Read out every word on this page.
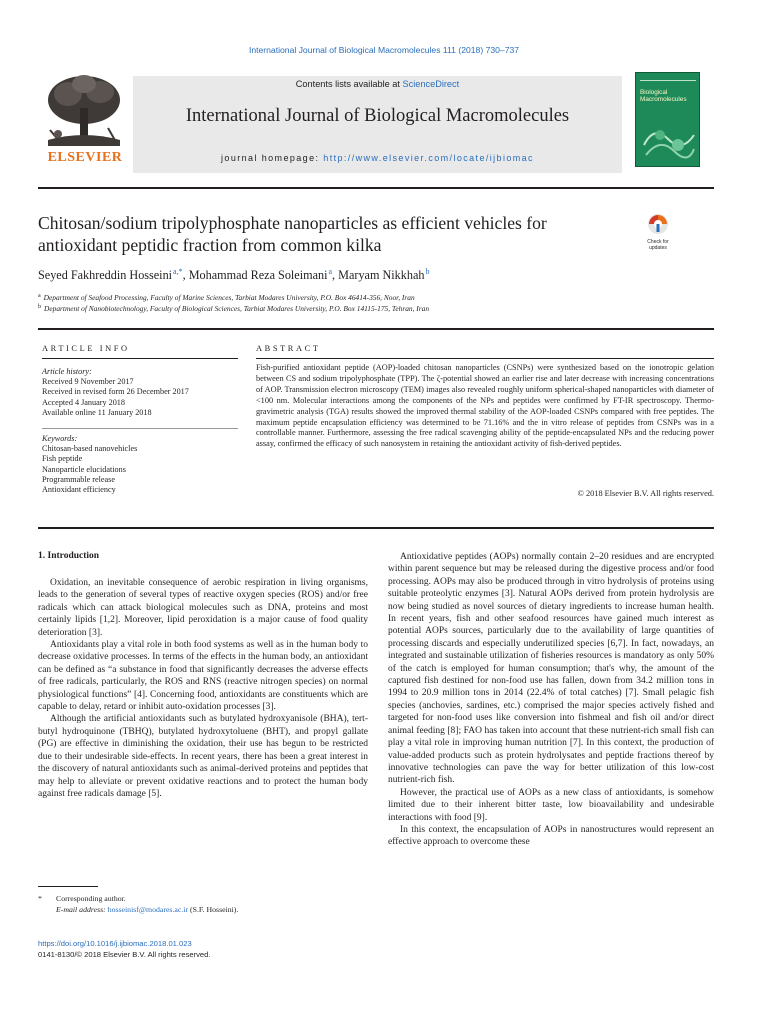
International Journal of Biological Macromolecules 111 (2018) 730–737
ELSEVIER
Contents lists available at ScienceDirect
International Journal of Biological Macromolecules
journal homepage: http://www.elsevier.com/locate/ijbiomac
Biological Macromolecules
Chitosan/sodium tripolyphosphate nanoparticles as efficient vehicles for antioxidant peptidic fraction from common kilka	Check for updates
Seyed Fakhreddin Hosseini$^{a,*}$, Mohammad Reza Soleimani$^a$, Maryam Nikkhah$^b$
$^a$ Department of Seafood Processing, Faculty of Marine Sciences, Tarbiat Modares University, P.O. Box 46414-356, Noor, Iran
$^b$ Department of Nanobiotechnology, Faculty of Biological Sciences, Tarbiat Modares University, P.O. Box 14115-175, Tehran, Iran
ARTICLE INFO
Article history:
Received 9 November 2017
Received in revised form 26 December 2017
Accepted 4 January 2018
Available online 11 January 2018
Keywords:
Chitosan-based nanovehicles
Fish peptide
Nanoparticle elucidations
Programmable release
Antioxidant efficiency
ABSTRACT
Fish-purified antioxidant peptide (AOP)-loaded chitosan nanoparticles (CSNPs) were synthesized based on the ionotropic gelation between CS and sodium tripolyphosphate (TPP). The ζ-potential showed an earlier rise and later decrease with increasing concentrations of AOP. Transmission electron microscopy (TEM) images also revealed roughly uniform spherical-shaped nanoparticles with diameter of <100 nm. Molecular interactions among the components of the NPs and peptides were confirmed by FT-IR spectroscopy. Thermo-gravimetric analysis (TGA) results showed the improved thermal stability of the AOP-loaded CSNPs compared with free peptides. The maximum peptide encapsulation efficiency was determined to be 71.16% and the in vitro release of peptides from CSNPs was in a controllable manner. Furthermore, assessing the free radical scavenging ability of the peptide-encapsulated NPs and the reducing power assay, confirmed the efficacy of such nanosystem in retaining the antioxidant activity of fish-derived peptides.
© 2018 Elsevier B.V. All rights reserved.
1. Introduction

Oxidation, an inevitable consequence of aerobic respiration in living organisms, leads to the generation of several types of reactive oxygen species (ROS) and/or free radicals which can attack biological molecules such as DNA, proteins and most certainly lipids [1,2]. Moreover, lipid peroxidation is a major cause of food quality deterioration [3].

Antioxidants play a vital role in both food systems as well as in the human body to decrease oxidative processes. In terms of the effects in the human body, an antioxidant can be defined as “a substance in food that significantly decreases the adverse effects of free radicals, particularly, the ROS and RNS (reactive nitrogen species) on normal physiological functions” [4]. Concerning food, antioxidants are constituents which are capable to delay, retard or inhibit auto-oxidation processes [3].

Although the artificial antioxidants such as butylated hydroxyanisole (BHA), tert-butyl hydroquinone (TBHQ), butylated hydroxytoluene (BHT), and propyl gallate (PG) are effective in diminishing the oxidation, their use has begun to be restricted due to their undesirable side-effects. In recent years, there has been a great interest in the discovery of natural antioxidants such as animal-derived proteins and peptides that may help to alleviate or prevent oxidative reactions and to protect the human body against free radicals damage [5].

Antioxidative peptides (AOPs) normally contain 2–20 residues and are encrypted within parent sequence but may be released during the digestive process and/or food processing. AOPs may also be produced through in vitro hydrolysis of proteins using suitable proteolytic enzymes [3]. Natural AOPs derived from protein hydrolysis are now being studied as novel sources of dietary ingredients to increase human health. In recent years, fish and other seafood resources have gained much interest as potential AOPs sources, particularly due to the availability of large quantities of processing discards and especially underutilized species [6,7]. In fact, nowadays, an integrated and sustainable utilization of fisheries resources is mandatory as only 50% of the catch is employed for human consumption; that's why, the amount of the captured fish destined for non-food use has fallen, down from 34.2 million tons in 1994 to 20.9 million tons in 2014 (22.4% of total catches) [7]. Small pelagic fish species (anchovies, sardines, etc.) comprised the major species actively fished and targeted for non-food uses like conversion into fishmeal and fish oil and/or direct animal feeding [8]; FAO has taken into account that these nutrient-rich small fish can play a vital role in improving human nutrition [7]. In this context, the production of value-added products such as protein hydrolysates and peptide fractions thereof by innovative technologies can pave the way for better utilization of this low-cost nutrient-rich fish.

However, the practical use of AOPs as a new class of antioxidants, is somehow limited due to their inherent bitter taste, low bioavailability and undesirable interactions with food [9].

In this context, the encapsulation of AOPs in nanostructures would represent an effective approach to overcome these

* Corresponding author.
E-mail address: hosseinisf@modares.ac.ir (S.F. Hosseini).
https://doi.org/10.1016/j.ijbiomac.2018.01.023
0141-8130/© 2018 Elsevier B.V. All rights reserved.
